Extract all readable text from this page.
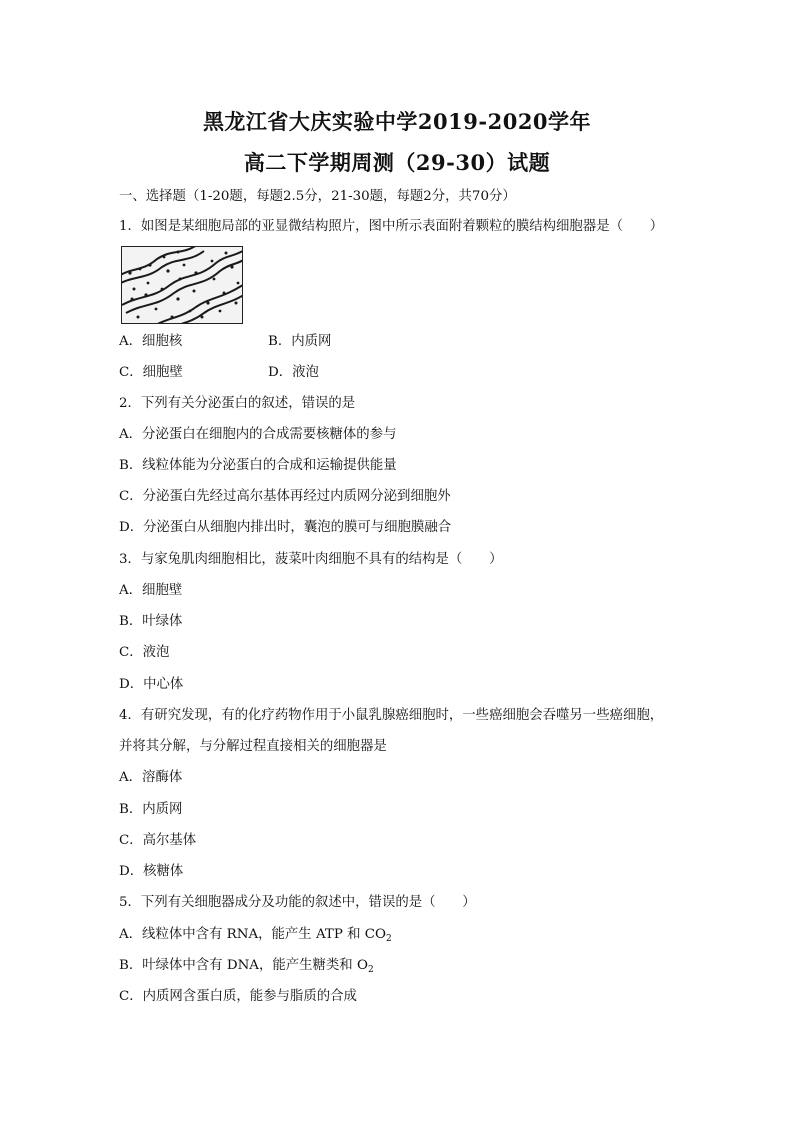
黑龙江省大庆实验中学2019-2020学年
高二下学期周测（29-30）试题
一、选择题（1-20题，每题2.5分，21-30题，每题2分，共70分）
1．如图是某细胞局部的亚显微结构照片，图中所示表面附着颗粒的膜结构细胞器是（　　）
A．细胞核	B．内质网
C．细胞壁	D．液泡
2．下列有关分泌蛋白的叙述，错误的是
A．分泌蛋白在细胞内的合成需要核糖体的参与
B．线粒体能为分泌蛋白的合成和运输提供能量
C．分泌蛋白先经过高尔基体再经过内质网分泌到细胞外
D．分泌蛋白从细胞内排出时，囊泡的膜可与细胞膜融合
3．与家兔肌肉细胞相比，菠菜叶肉细胞不具有的结构是（　　）
A．细胞壁
B．叶绿体
C．液泡
D．中心体
4．有研究发现，有的化疗药物作用于小鼠乳腺癌细胞时，一些癌细胞会吞噬另一些癌细胞，
并将其分解，与分解过程直接相关的细胞器是
A．溶酶体
B．内质网
C．高尔基体
D．核糖体
5．下列有关细胞器成分及功能的叙述中，错误的是（　　）
A．线粒体中含有 RNA，能产生 ATP 和 $CO_2$
B．叶绿体中含有 DNA，能产生糖类和 $O_2$
C．内质网含蛋白质，能参与脂质的合成
